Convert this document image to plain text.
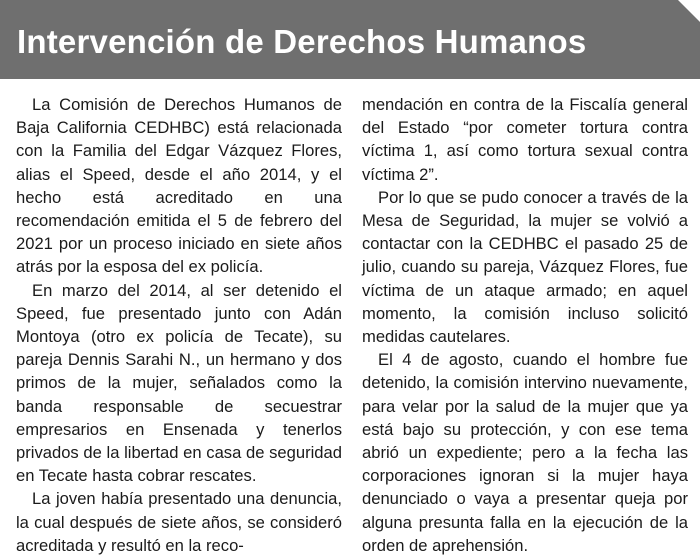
Intervención de Derechos Humanos

La Comisión de Derechos Humanos de Baja California CEDHBC) está relacionada con la Familia del Edgar Vázquez Flores, alias el Speed, desde el año 2014, y el hecho está acreditado en una recomendación emitida el 5 de febrero del 2021 por un proceso iniciado en siete años atrás por la esposa del ex policía.

En marzo del 2014, al ser detenido el Speed, fue presentado junto con Adán Montoya (otro ex policía de Tecate), su pareja Dennis Sarahi N., un hermano y dos primos de la mujer, señalados como la banda responsable de secuestrar empresarios en Ensenada y tenerlos privados de la libertad en casa de seguridad en Tecate hasta cobrar rescates.

La joven había presentado una denuncia, la cual después de siete años, se consideró acreditada y resultó en la reco-

mendación en contra de la Fiscalía general del Estado “por cometer tortura contra víctima 1, así como tortura sexual contra víctima 2”.

Por lo que se pudo conocer a través de la Mesa de Seguridad, la mujer se volvió a contactar con la CEDHBC el pasado 25 de julio, cuando su pareja, Vázquez Flores, fue víctima de un ataque armado; en aquel momento, la comisión incluso solicitó medidas cautelares.

El 4 de agosto, cuando el hombre fue detenido, la comisión intervino nuevamente, para velar por la salud de la mujer que ya está bajo su protección, y con ese tema abrió un expediente; pero a la fecha las corporaciones ignoran si la mujer haya denunciado o vaya a presentar queja por alguna presunta falla en la ejecución de la orden de aprehensión.
